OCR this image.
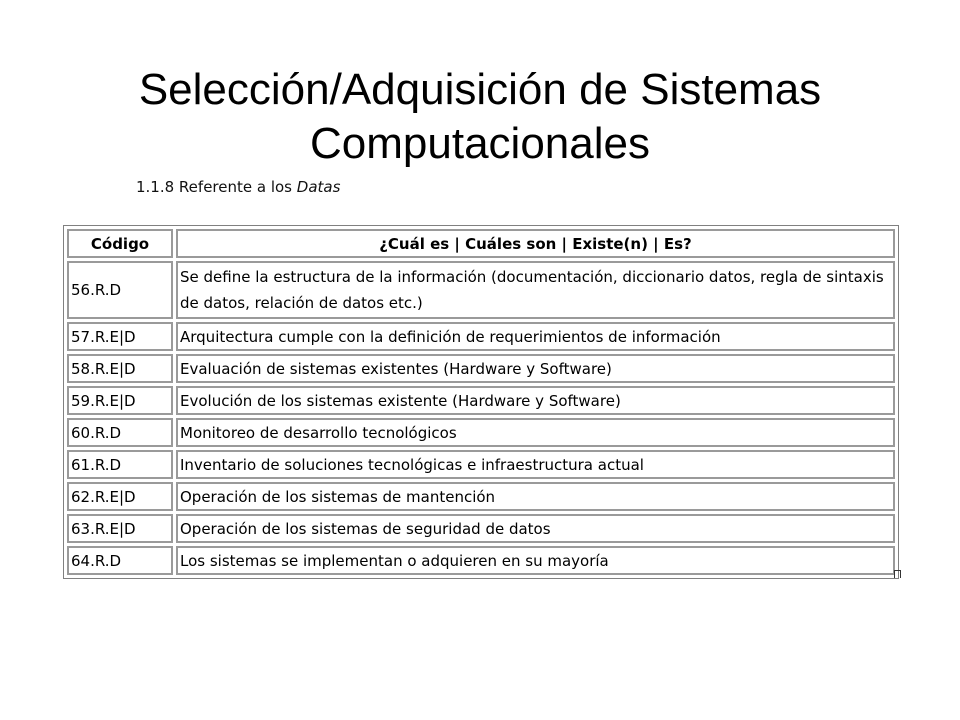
Selección/Adquisición de Sistemas Computacionales
1.1.8 Referente a los Datas
Código	¿Cuál es | Cuáles son | Existe(n) | Es?
56.R.D	Se define la estructura de la información (documentación, diccionario datos, regla de sintaxis de datos, relación de datos etc.)
57.R.E|D	Arquitectura cumple con la definición de requerimientos de información
58.R.E|D	Evaluación de sistemas existentes (Hardware y Software)
59.R.E|D	Evolución de los sistemas existente (Hardware y Software)
60.R.D	Monitoreo de desarrollo tecnológicos
61.R.D	Inventario de soluciones tecnológicas e infraestructura actual
62.R.E|D	Operación de los sistemas de mantención
63.R.E|D	Operación de los sistemas de seguridad de datos
64.R.D	Los sistemas se implementan o adquieren en su mayoría
